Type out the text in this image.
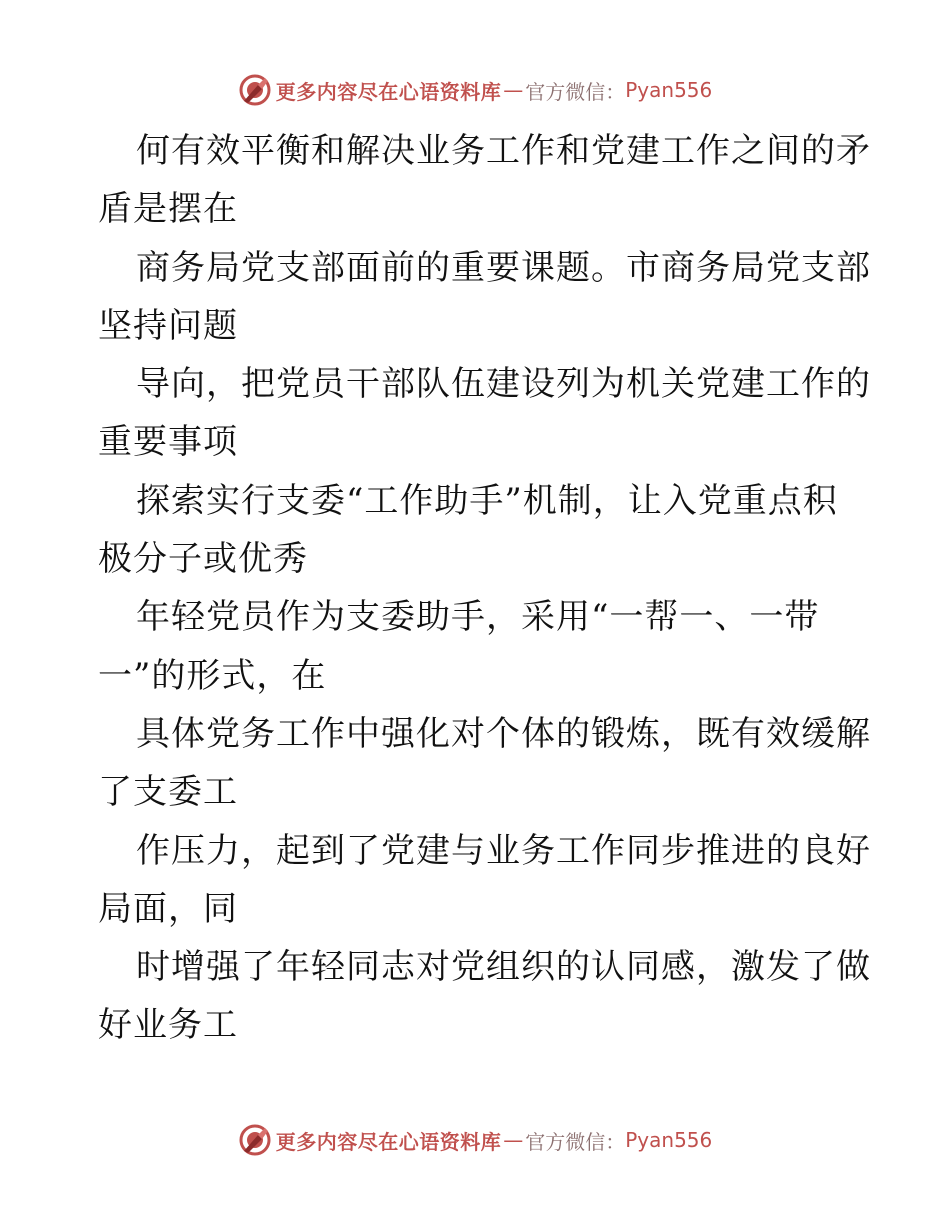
更多内容尽在心语资料库 — 官方微信： Pyan556
何有效平衡和解决业务工作和党建工作之间的矛
盾是摆在
商务局党支部面前的重要课题。市商务局党支部
坚持问题
导向，把党员干部队伍建设列为机关党建工作的
重要事项
探索实行支委“工作助手”机制，让入党重点积
极分子或优秀
年轻党员作为支委助手，采用“一帮一、一带
一”的形式，在
具体党务工作中强化对个体的锻炼，既有效缓解
了支委工
作压力，起到了党建与业务工作同步推进的良好
局面，同
时增强了年轻同志对党组织的认同感，激发了做
好业务工
更多内容尽在心语资料库 — 官方微信： Pyan556
